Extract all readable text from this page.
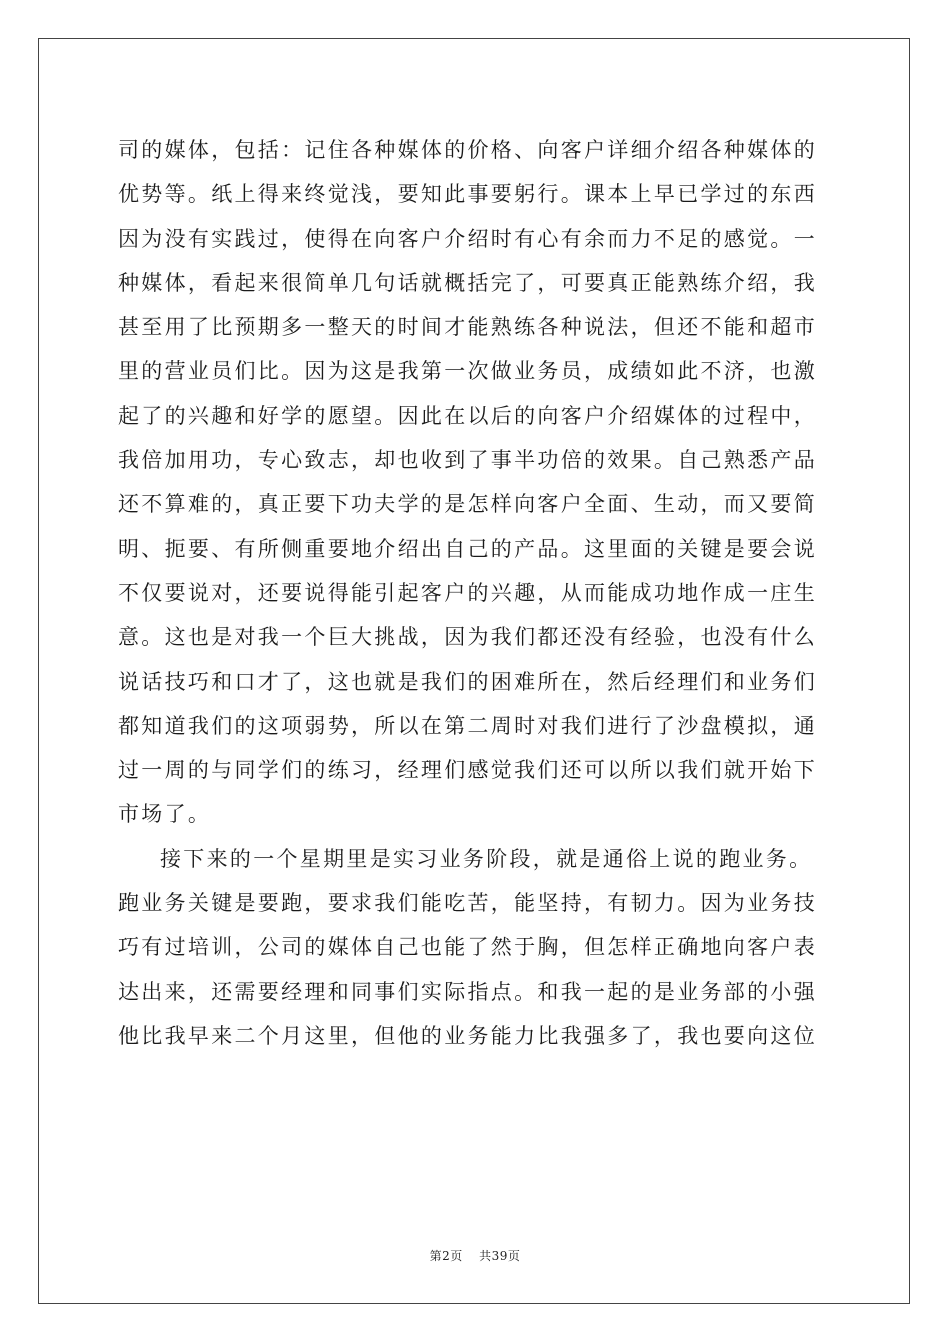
司的媒体，包括：记住各种媒体的价格、向客户详细介绍各种媒体的
优势等。纸上得来终觉浅，要知此事要躬行。课本上早已学过的东西
因为没有实践过，使得在向客户介绍时有心有余而力不足的感觉。一
种媒体，看起来很简单几句话就概括完了，可要真正能熟练介绍，我
甚至用了比预期多一整天的时间才能熟练各种说法，但还不能和超市
里的营业员们比。因为这是我第一次做业务员，成绩如此不济，也激
起了的兴趣和好学的愿望。因此在以后的向客户介绍媒体的过程中，
我倍加用功，专心致志，却也收到了事半功倍的效果。自己熟悉产品
还不算难的，真正要下功夫学的是怎样向客户全面、生动，而又要简
明、扼要、有所侧重要地介绍出自己的产品。这里面的关键是要会说
不仅要说对，还要说得能引起客户的兴趣，从而能成功地作成一庄生
意。这也是对我一个巨大挑战，因为我们都还没有经验，也没有什么
说话技巧和口才了，这也就是我们的困难所在，然后经理们和业务们
都知道我们的这项弱势，所以在第二周时对我们进行了沙盘模拟，通
过一周的与同学们的练习，经理们感觉我们还可以所以我们就开始下
市场了。
接下来的一个星期里是实习业务阶段，就是通俗上说的跑业务。
跑业务关键是要跑，要求我们能吃苦，能坚持，有韧力。因为业务技
巧有过培训，公司的媒体自己也能了然于胸，但怎样正确地向客户表
达出来，还需要经理和同事们实际指点。和我一起的是业务部的小强
他比我早来二个月这里，但他的业务能力比我强多了，我也要向这位
第2页 共39页
